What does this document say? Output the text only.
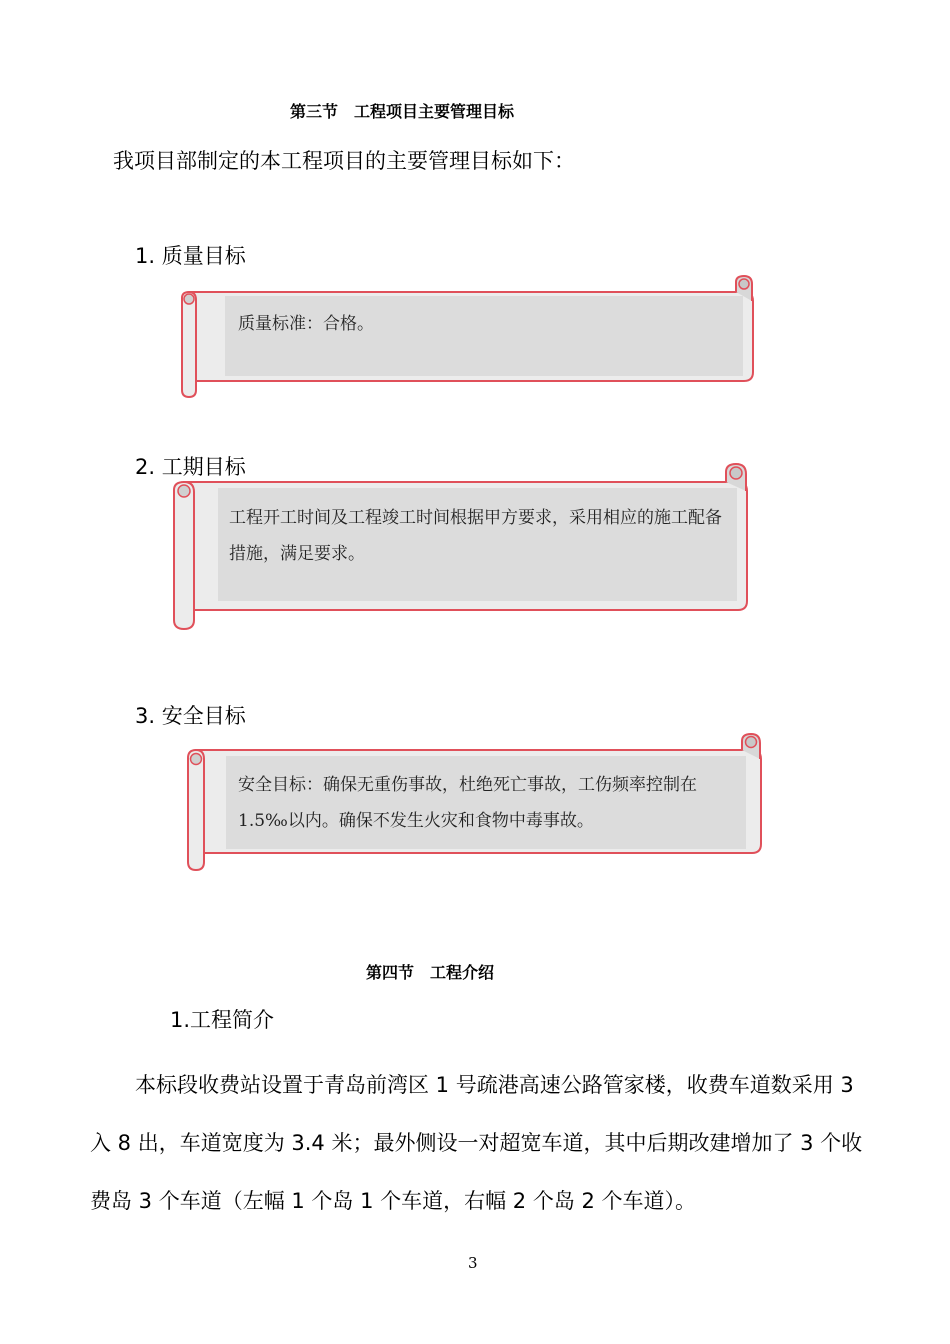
第三节　工程项目主要管理目标
我项目部制定的本工程项目的主要管理目标如下：
1. 质量目标
质量标准：合格。
2. 工期目标
工程开工时间及工程竣工时间根据甲方要求，采用相应的施工配备措施，满足要求。
3. 安全目标
安全目标：确保无重伤事故，杜绝死亡事故，工伤频率控制在 1.5‰以内。确保不发生火灾和食物中毒事故。
第四节　工程介绍
1.工程简介
本标段收费站设置于青岛前湾区 1 号疏港高速公路管家楼，收费车道数采用 3 入 8 出，车道宽度为 3.4 米；最外侧设一对超宽车道，其中后期改建增加了 3 个收费岛 3 个车道（左幅 1 个岛 1 个车道，右幅 2 个岛 2 个车道）。
3
